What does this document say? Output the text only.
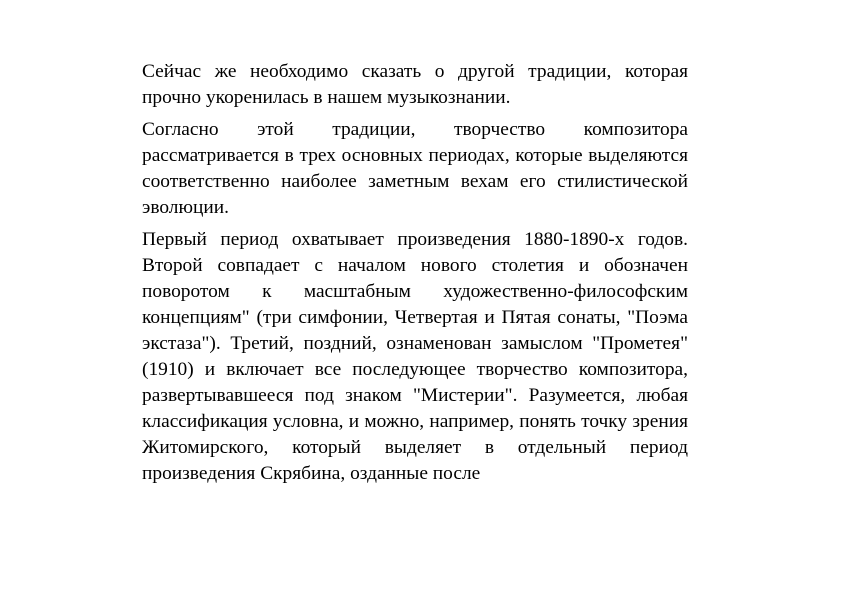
Сейчас же необходимо сказать о другой традиции, которая прочно укоренилась в нашем музыкознании.

Согласно этой традиции, творчество композитора рассматривается в трех основных периодах, которые выделяются соответственно наиболее заметным вехам его стилистической эволюции.

Первый период охватывает произведения 1880-1890-х годов. Второй совпадает с началом нового столетия и обозначен поворотом к масштабным художественно-философским концепциям" (три симфонии, Четвертая и Пятая сонаты, "Поэма экстаза"). Третий, поздний, ознаменован замыслом "Прометея" (1910) и включает все последующее творчество композитора, развертывавшееся под знаком "Мистерии". Разумеется, любая классификация условна, и можно, например, понять точку зрения Житомирского, который выделяет в отдельный период произведения Скрябина, озданные после
